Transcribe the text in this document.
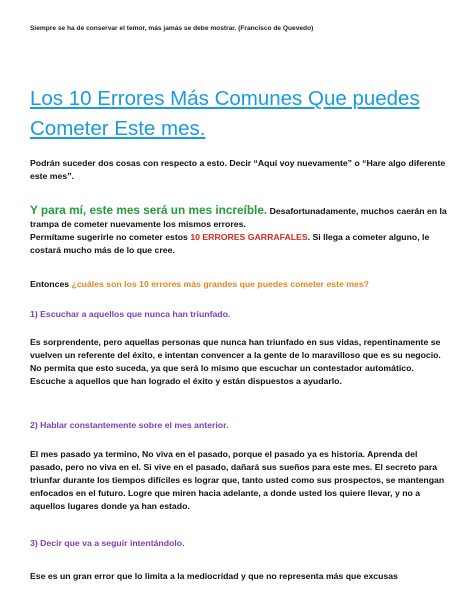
Siempre se ha de conservar el temor, más jamás se debe mostrar. (Francisco de Quevedo)
Los 10 Errores Más Comunes Que puedes Cometer Este mes.
Podrán suceder dos cosas con respecto a esto. Decir “Aquí voy nuevamente” o “Hare algo diferente este mes”.
Y para mí, este mes será un mes increíble. Desafortunadamente, muchos caerán en la trampa de cometer nuevamente los mismos errores.
Permítame sugerirle no cometer estos 10 ERRORES GARRAFALES. Si llega a cometer alguno, le costará mucho más de lo que cree.
Entonces ¿cuáles son los 10 errores más grandes que puedes cometer este mes?
1) Escuchar a aquellos que nunca han triunfado.
Es sorprendente, pero aquellas personas que nunca han triunfado en sus vidas, repentinamente se vuelven un referente del éxito, e intentan convencer a la gente de lo maravilloso que es su negocio. No permita que esto suceda, ya que será lo mismo que escuchar un contestador automático. Escuche a aquellos que han logrado el éxito y están dispuestos a ayudarlo.
2) Hablar constantemente sobre el mes anterior.
El mes pasado ya termino, No viva en el pasado, porque el pasado ya es historia. Aprenda del pasado, pero no viva en el. Si vive en el pasado, dañará sus sueños para este mes. El secreto para triunfar durante los tiempos difíciles es lograr que, tanto usted como sus prospectos, se mantengan enfocados en el futuro. Logre que miren hacia adelante, a donde usted los quiere llevar, y no a aquellos lugares donde ya han estado.
3) Decir que va a seguir intentándolo.
Ese es un gran error que lo limita a la mediocridad y que no representa más que excusas
